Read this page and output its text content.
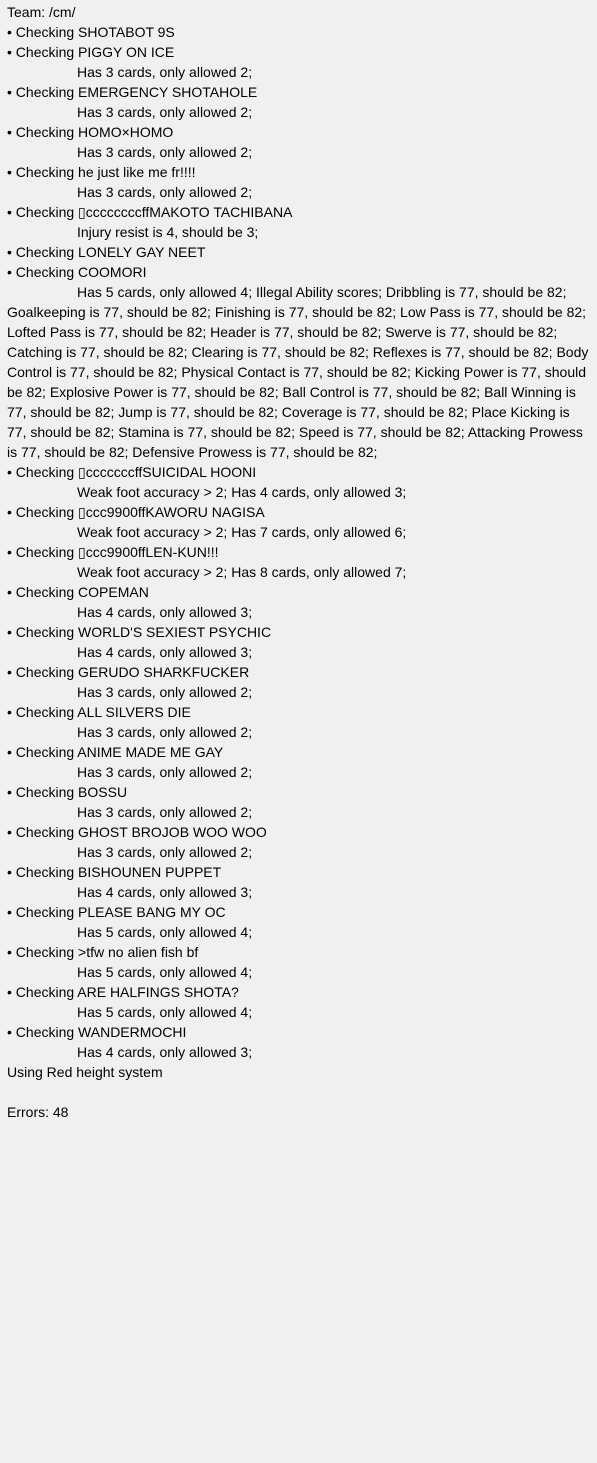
Team: /cm/
• Checking SHOTABOT 9S
• Checking PIGGY ON ICE
Has 3 cards, only allowed 2;
• Checking EMERGENCY SHOTAHOLE
Has 3 cards, only allowed 2;
• Checking HOMO×HOMO
Has 3 cards, only allowed 2;
• Checking he just like me fr!!!!
Has 3 cards, only allowed 2;
• Checking ▯ccccccccffMAKOTO TACHIBANA
Injury resist is 4, should be 3;
• Checking LONELY GAY NEET
• Checking COOMORI
Has 5 cards, only allowed 4; Illegal Ability scores; Dribbling is 77, should be 82;
Goalkeeping is 77, should be 82; Finishing is 77, should be 82; Low Pass is 77, should be 82; Lofted Pass is 77, should be 82; Header is 77, should be 82; Swerve is 77, should be 82; Catching is 77, should be 82; Clearing is 77, should be 82; Reflexes is 77, should be 82; Body Control is 77, should be 82; Physical Contact is 77, should be 82; Kicking Power is 77, should be 82; Explosive Power is 77, should be 82; Ball Control is 77, should be 82; Ball Winning is 77, should be 82; Jump is 77, should be 82; Coverage is 77, should be 82; Place Kicking is 77, should be 82; Stamina is 77, should be 82; Speed is 77, should be 82; Attacking Prowess is 77, should be 82; Defensive Prowess is 77, should be 82;
• Checking ▯cccccccffSUICIDAL HOONI
Weak foot accuracy > 2; Has 4 cards, only allowed 3;
• Checking ▯ccc9900ffKAWORU NAGISA
Weak foot accuracy > 2; Has 7 cards, only allowed 6;
• Checking ▯ccc9900ffLEN-KUN!!!
Weak foot accuracy > 2; Has 8 cards, only allowed 7;
• Checking COPEMAN
Has 4 cards, only allowed 3;
• Checking WORLD'S SEXIEST PSYCHIC
Has 4 cards, only allowed 3;
• Checking GERUDO SHARKFUCKER
Has 3 cards, only allowed 2;
• Checking ALL SILVERS DIE
Has 3 cards, only allowed 2;
• Checking ANIME MADE ME GAY
Has 3 cards, only allowed 2;
• Checking BOSSU
Has 3 cards, only allowed 2;
• Checking GHOST BROJOB WOO WOO
Has 3 cards, only allowed 2;
• Checking BISHOUNEN PUPPET
Has 4 cards, only allowed 3;
• Checking PLEASE BANG MY OC
Has 5 cards, only allowed 4;
• Checking >tfw no alien fish bf
Has 5 cards, only allowed 4;
• Checking ARE HALFINGS SHOTA?
Has 5 cards, only allowed 4;
• Checking WANDERMOCHI
Has 4 cards, only allowed 3;
Using Red height system
Errors: 48
